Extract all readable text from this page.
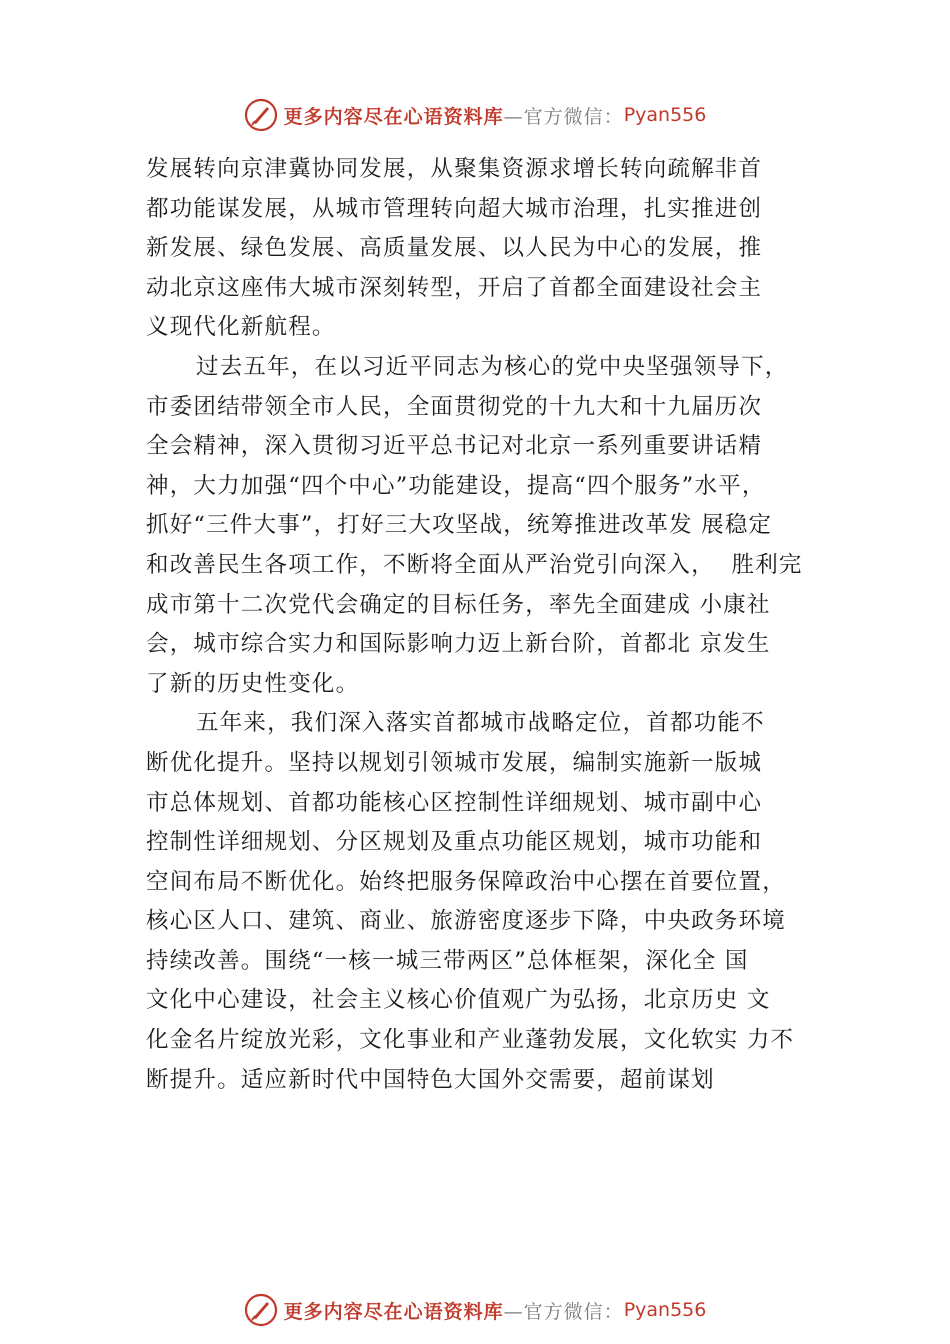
更多内容尽在心语资料库 —官方微信： Pyan556
发展转向京津冀协同发展，从聚集资源求增长转向疏解非首
都功能谋发展，从城市管理转向超大城市治理，扎实推进创
新发展、绿色发展、高质量发展、以人民为中心的发展，推
动北京这座伟大城市深刻转型，开启了首都全面建设社会主
义现代化新航程。
过去五年，在以习近平同志为核心的党中央坚强领导下，
市委团结带领全市人民，全面贯彻党的十九大和十九届历次
全会精神，深入贯彻习近平总书记对北京一系列重要讲话精
神，大力加强“四个中心”功能建设，提高“四个服务”水平，
抓好“三件大事”，打好三大攻坚战，统筹推进改革发 展稳定
和改善民生各项工作，不断将全面从严治党引向深入，  胜利完
成市第十二次党代会确定的目标任务，率先全面建成 小康社
会，城市综合实力和国际影响力迈上新台阶，首都北 京发生
了新的历史性变化。
五年来，我们深入落实首都城市战略定位，首都功能不
断优化提升。坚持以规划引领城市发展，编制实施新一版城
市总体规划、首都功能核心区控制性详细规划、城市副中心
控制性详细规划、分区规划及重点功能区规划，城市功能和
空间布局不断优化。始终把服务保障政治中心摆在首要位置，
核心区人口、建筑、商业、旅游密度逐步下降，中央政务环境
持续改善。围绕“一核一城三带两区”总体框架，深化全 国
文化中心建设，社会主义核心价值观广为弘扬，北京历史 文
化金名片绽放光彩，文化事业和产业蓬勃发展，文化软实 力不
断提升。适应新时代中国特色大国外交需要，超前谋划
更多内容尽在心语资料库 —官方微信： Pyan556
